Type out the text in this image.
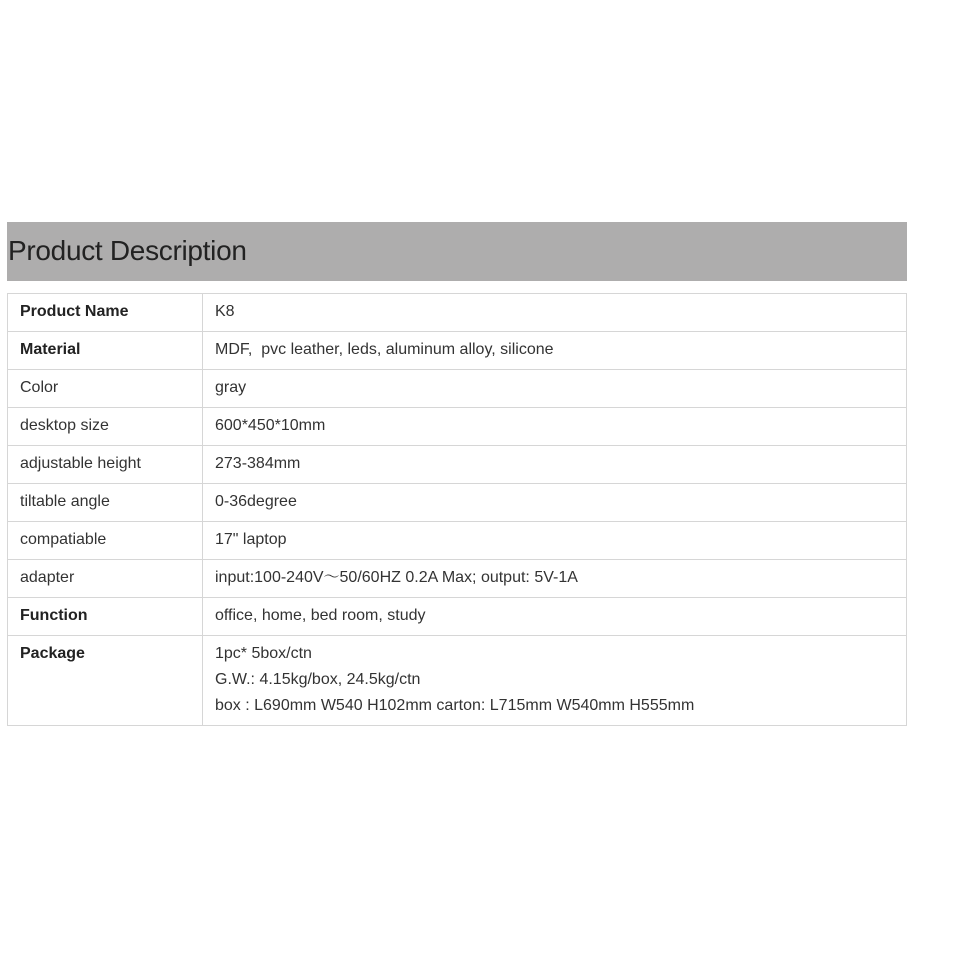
Product Description
Product Name	K8
Material	MDF,  pvc leather, leds, aluminum alloy, silicone
Color	gray
desktop size	600*450*10mm
adjustable height	273-384mm
tiltable angle	0-36degree
compatiable	17" laptop
adapter	input:100-240V～50/60HZ 0.2A Max; output: 5V-1A
Function	office, home, bed room, study
Package	1pc* 5box/ctn
G.W.: 4.15kg/box, 24.5kg/ctn
box : L690mm W540 H102mm carton: L715mm W540mm H555mm
